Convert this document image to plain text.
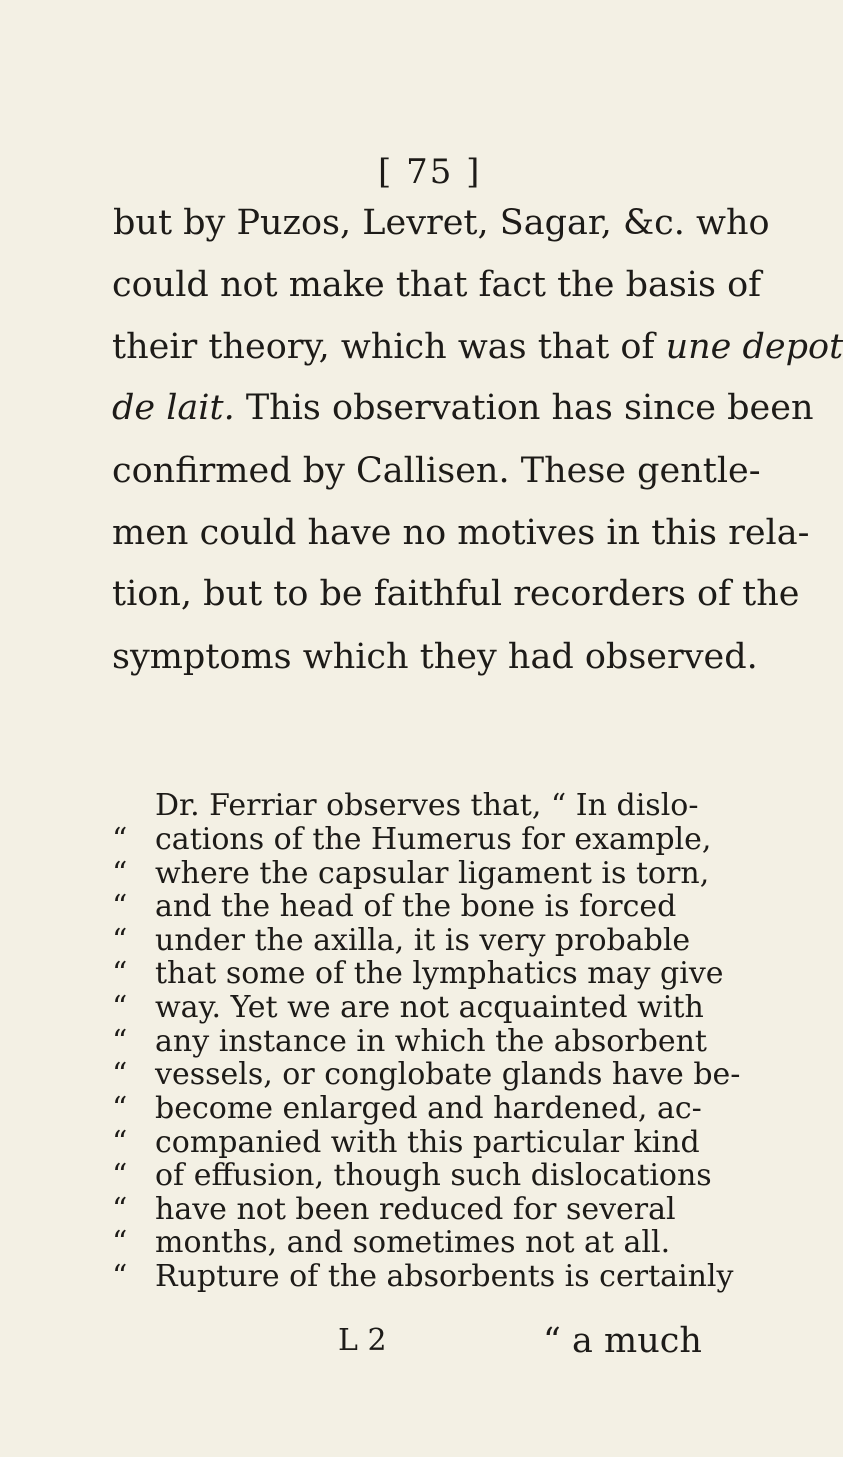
[ 75 ]
but by Puzos, Levret, Sagar, &c. who
could not make that fact the basis of
their theory, which was that of une depot
de lait. This observation has since been
confirmed by Callisen. These gentle-
men could have no motives in this rela-
tion, but to be faithful recorders of the
symptoms which they had observed.
Dr. Ferriar observes that, “ In dislo-
“ cations of the Humerus for example,
“ where the capsular ligament is torn,
“ and the head of the bone is forced
“ under the axilla, it is very probable
“ that some of the lymphatics may give
“ way. Yet we are not acquainted with
“ any instance in which the absorbent
“ vessels, or conglobate glands have be-
L 2	“ a much
“ become enlarged and hardened, ac-
“ companied with this particular kind
“ of effusion, though such dislocations
“ have not been reduced for several
“ months, and sometimes not at all.
“ Rupture of the absorbents is certainly
